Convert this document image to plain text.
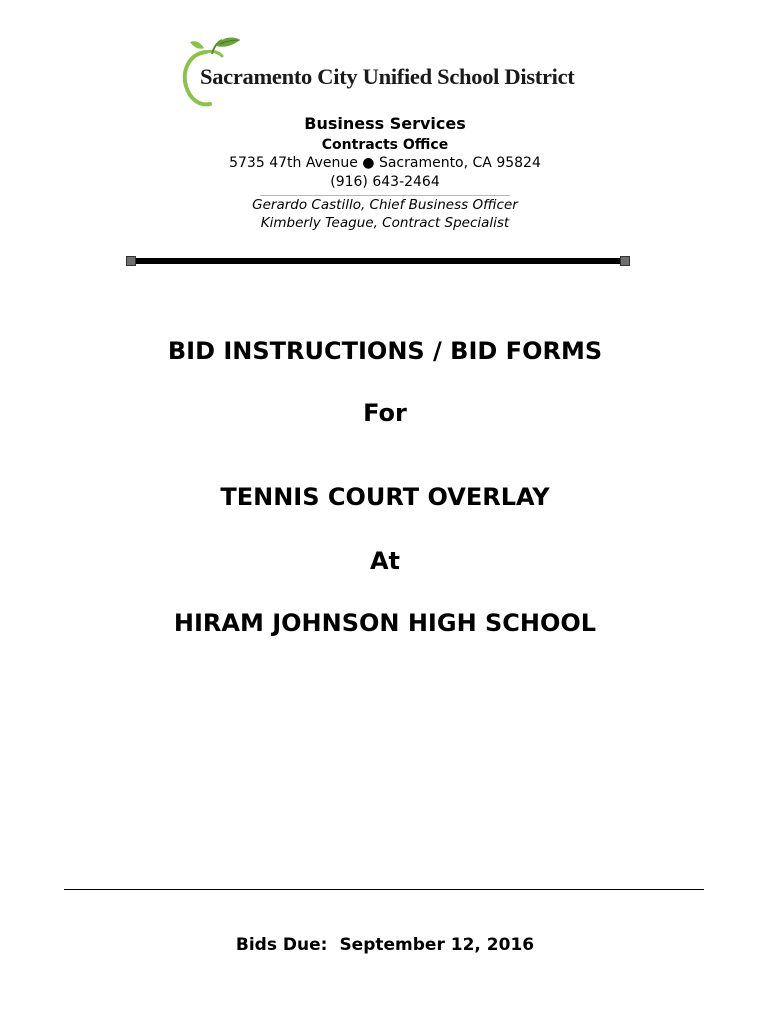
Sacramento City Unified School District
Business Services
Contracts Office
5735 47th Avenue ● Sacramento, CA 95824
(916) 643-2464
Gerardo Castillo, Chief Business Officer
Kimberly Teague, Contract Specialist
BID INSTRUCTIONS / BID FORMS
For
TENNIS COURT OVERLAY
At
HIRAM JOHNSON HIGH SCHOOL
Bids Due: September 12, 2016
